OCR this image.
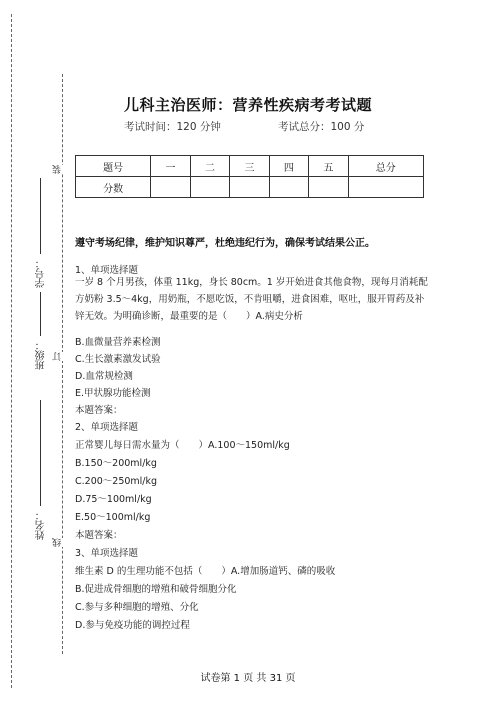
装
订
线
学号：
班级：
姓名：
儿科主治医师：营养性疾病考考试题
考试时间：120 分钟	考试总分：100 分
题号	一	二	三	四	五	总分
分数						
遵守考场纪律，维护知识尊严，杜绝违纪行为，确保考试结果公正。
1、单项选择题
一岁 8 个月男孩，体重 11kg，身长 80cm。1 岁开始进食其他食物，现每月消耗配方奶粉 3.5～4kg，用奶瓶，不愿吃饭，不肯咀嚼，进食困难，呕吐，服开胃药及补锌无效。为明确诊断，最重要的是（　　）A.病史分析
B.血微量营养素检测
C.生长激素激发试验
D.血常规检测
E.甲状腺功能检测
本题答案：
2、单项选择题
正常婴儿每日需水量为（　　）A.100～150ml/kg
B.150～200ml/kg
C.200～250ml/kg
D.75～100ml/kg
E.50～100ml/kg
本题答案：
3、单项选择题
维生素 D 的生理功能不包括（　　）A.增加肠道钙、磷的吸收
B.促进成骨细胞的增殖和破骨细胞分化
C.参与多种细胞的增殖、分化
D.参与免疫功能的调控过程
试卷第 1 页 共 31 页
